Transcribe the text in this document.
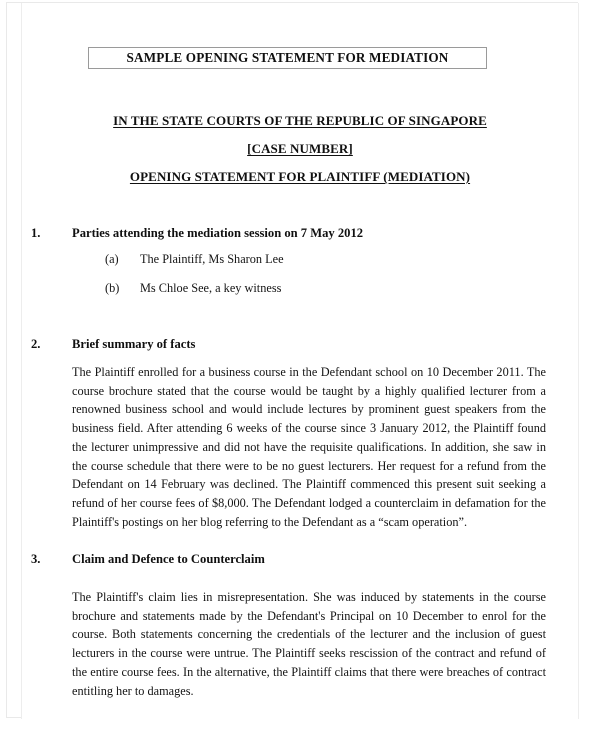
SAMPLE OPENING STATEMENT FOR MEDIATION
IN THE STATE COURTS OF THE REPUBLIC OF SINGAPORE
[CASE NUMBER]
OPENING STATEMENT FOR PLAINTIFF (MEDIATION)
1.	Parties attending the mediation session on 7 May 2012
(a) The Plaintiff, Ms Sharon Lee
(b) Ms Chloe See, a key witness
2.	Brief summary of facts
The Plaintiff enrolled for a business course in the Defendant school on 10 December 2011. The course brochure stated that the course would be taught by a highly qualified lecturer from a renowned business school and would include lectures by prominent guest speakers from the business field. After attending 6 weeks of the course since 3 January 2012, the Plaintiff found the lecturer unimpressive and did not have the requisite qualifications. In addition, she saw in the course schedule that there were to be no guest lecturers. Her request for a refund from the Defendant on 14 February was declined. The Plaintiff commenced this present suit seeking a refund of her course fees of $8,000. The Defendant lodged a counterclaim in defamation for the Plaintiff's postings on her blog referring to the Defendant as a “scam operation”.
3.	Claim and Defence to Counterclaim
The Plaintiff's claim lies in misrepresentation. She was induced by statements in the course brochure and statements made by the Defendant's Principal on 10 December to enrol for the course. Both statements concerning the credentials of the lecturer and the inclusion of guest lecturers in the course were untrue. The Plaintiff seeks rescission of the contract and refund of the entire course fees. In the alternative, the Plaintiff claims that there were breaches of contract entitling her to damages.
